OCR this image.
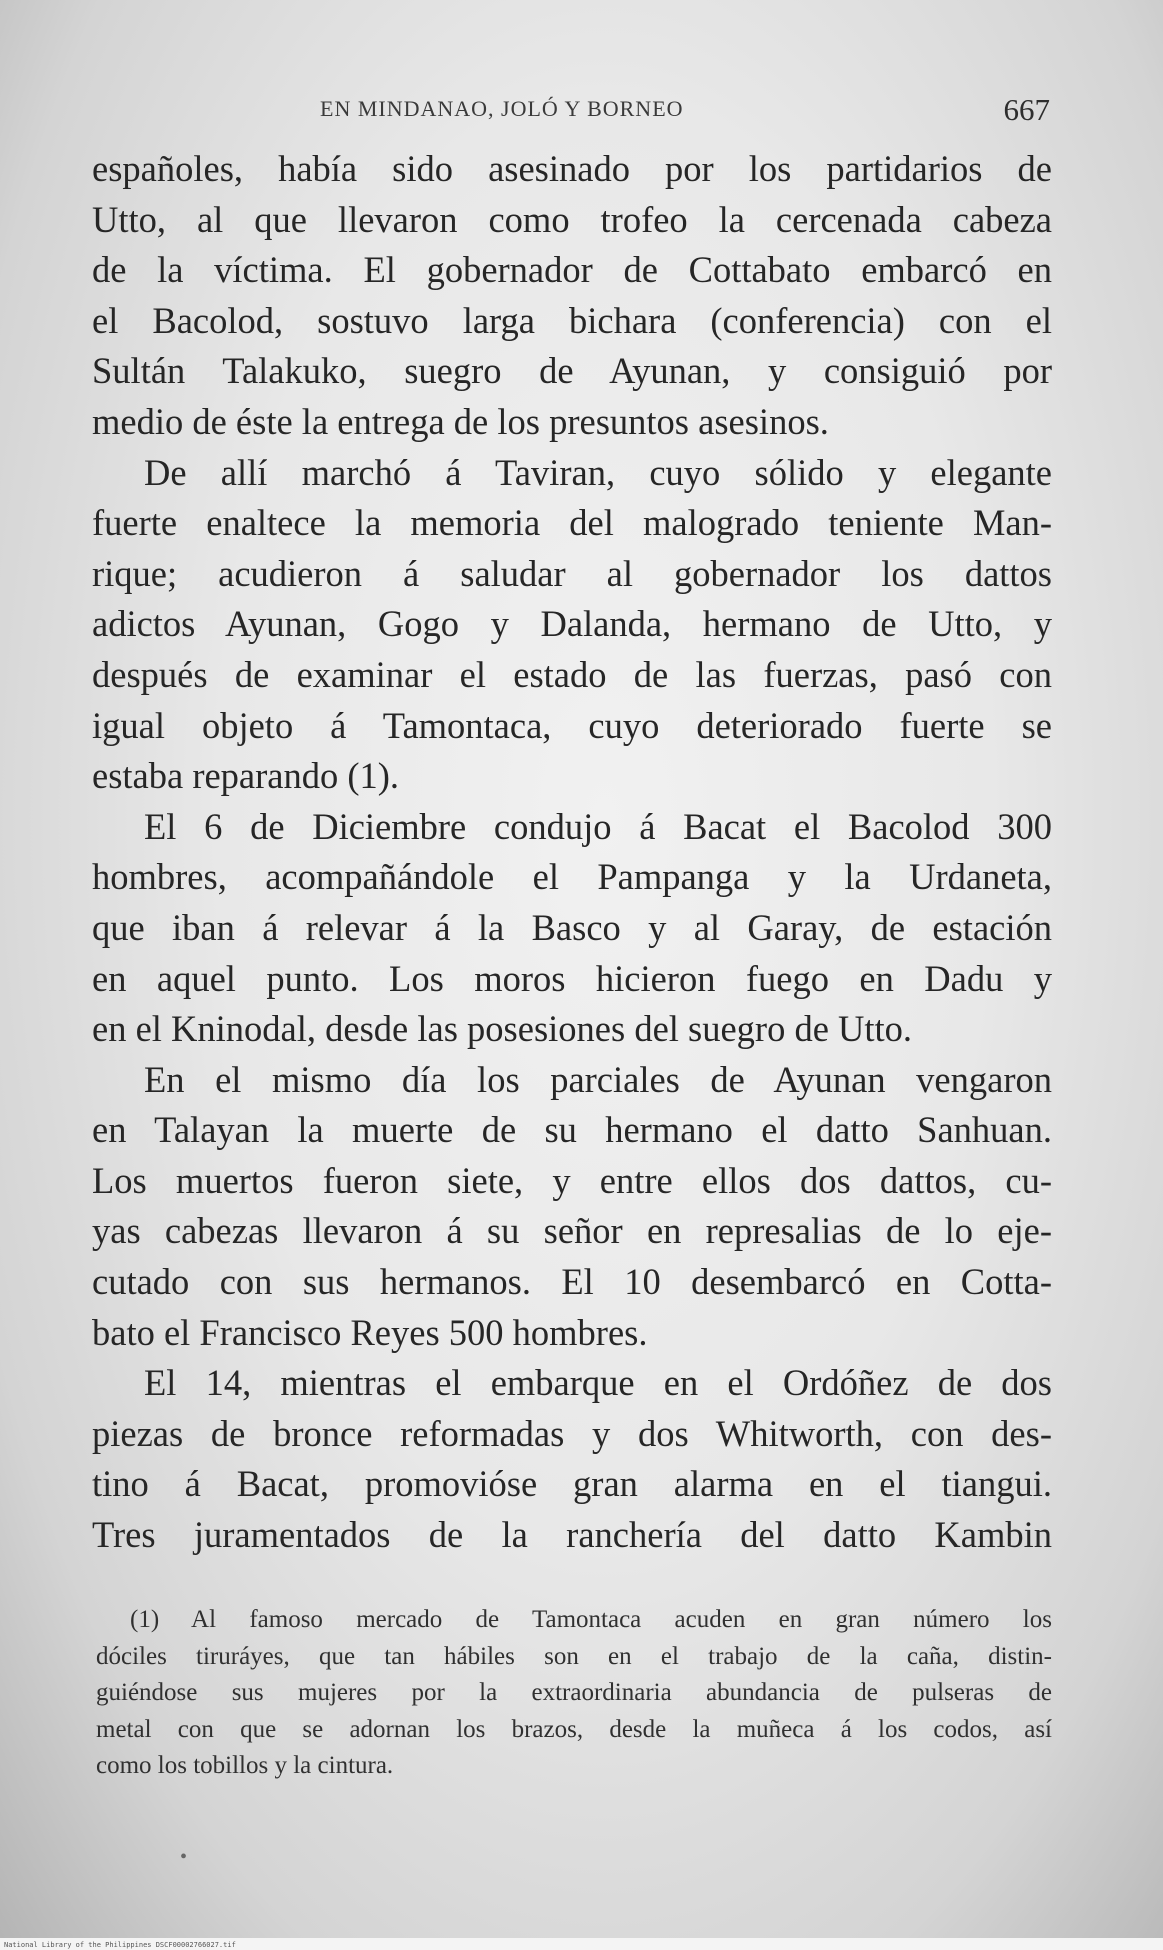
EN MINDANAO, JOLÓ Y BORNEO	667
españoles, había sido asesinado por los partidarios de
Utto, al que llevaron como trofeo la cercenada cabeza
de la víctima. El gobernador de Cottabato embarcó en
el Bacolod, sostuvo larga bichara (conferencia) con el
Sultán Talakuko, suegro de Ayunan, y consiguió por
medio de éste la entrega de los presuntos asesinos.
De allí marchó á Taviran, cuyo sólido y elegante
fuerte enaltece la memoria del malogrado teniente Man-
rique; acudieron á saludar al gobernador los dattos
adictos Ayunan, Gogo y Dalanda, hermano de Utto, y
después de examinar el estado de las fuerzas, pasó con
igual objeto á Tamontaca, cuyo deteriorado fuerte se
estaba reparando (1).
El 6 de Diciembre condujo á Bacat el Bacolod 300
hombres, acompañándole el Pampanga y la Urdaneta,
que iban á relevar á la Basco y al Garay, de estación
en aquel punto. Los moros hicieron fuego en Dadu y
en el Kninodal, desde las posesiones del suegro de Utto.
En el mismo día los parciales de Ayunan vengaron
en Talayan la muerte de su hermano el datto Sanhuan.
Los muertos fueron siete, y entre ellos dos dattos, cu-
yas cabezas llevaron á su señor en represalias de lo eje-
cutado con sus hermanos. El 10 desembarcó en Cotta-
bato el Francisco Reyes 500 hombres.
El 14, mientras el embarque en el Ordóñez de dos
piezas de bronce reformadas y dos Whitworth, con des-
tino á Bacat, promovióse gran alarma en el tiangui.
Tres juramentados de la ranchería del datto Kambin
(1) Al famoso mercado de Tamontaca acuden en gran número los
dóciles tiruráyes, que tan hábiles son en el trabajo de la caña, distin-
guiéndose sus mujeres por la extraordinaria abundancia de pulseras de
metal con que se adornan los brazos, desde la muñeca á los codos, así
como los tobillos y la cintura.
•
National Library of the Philippines DSCF00002766027.tif
